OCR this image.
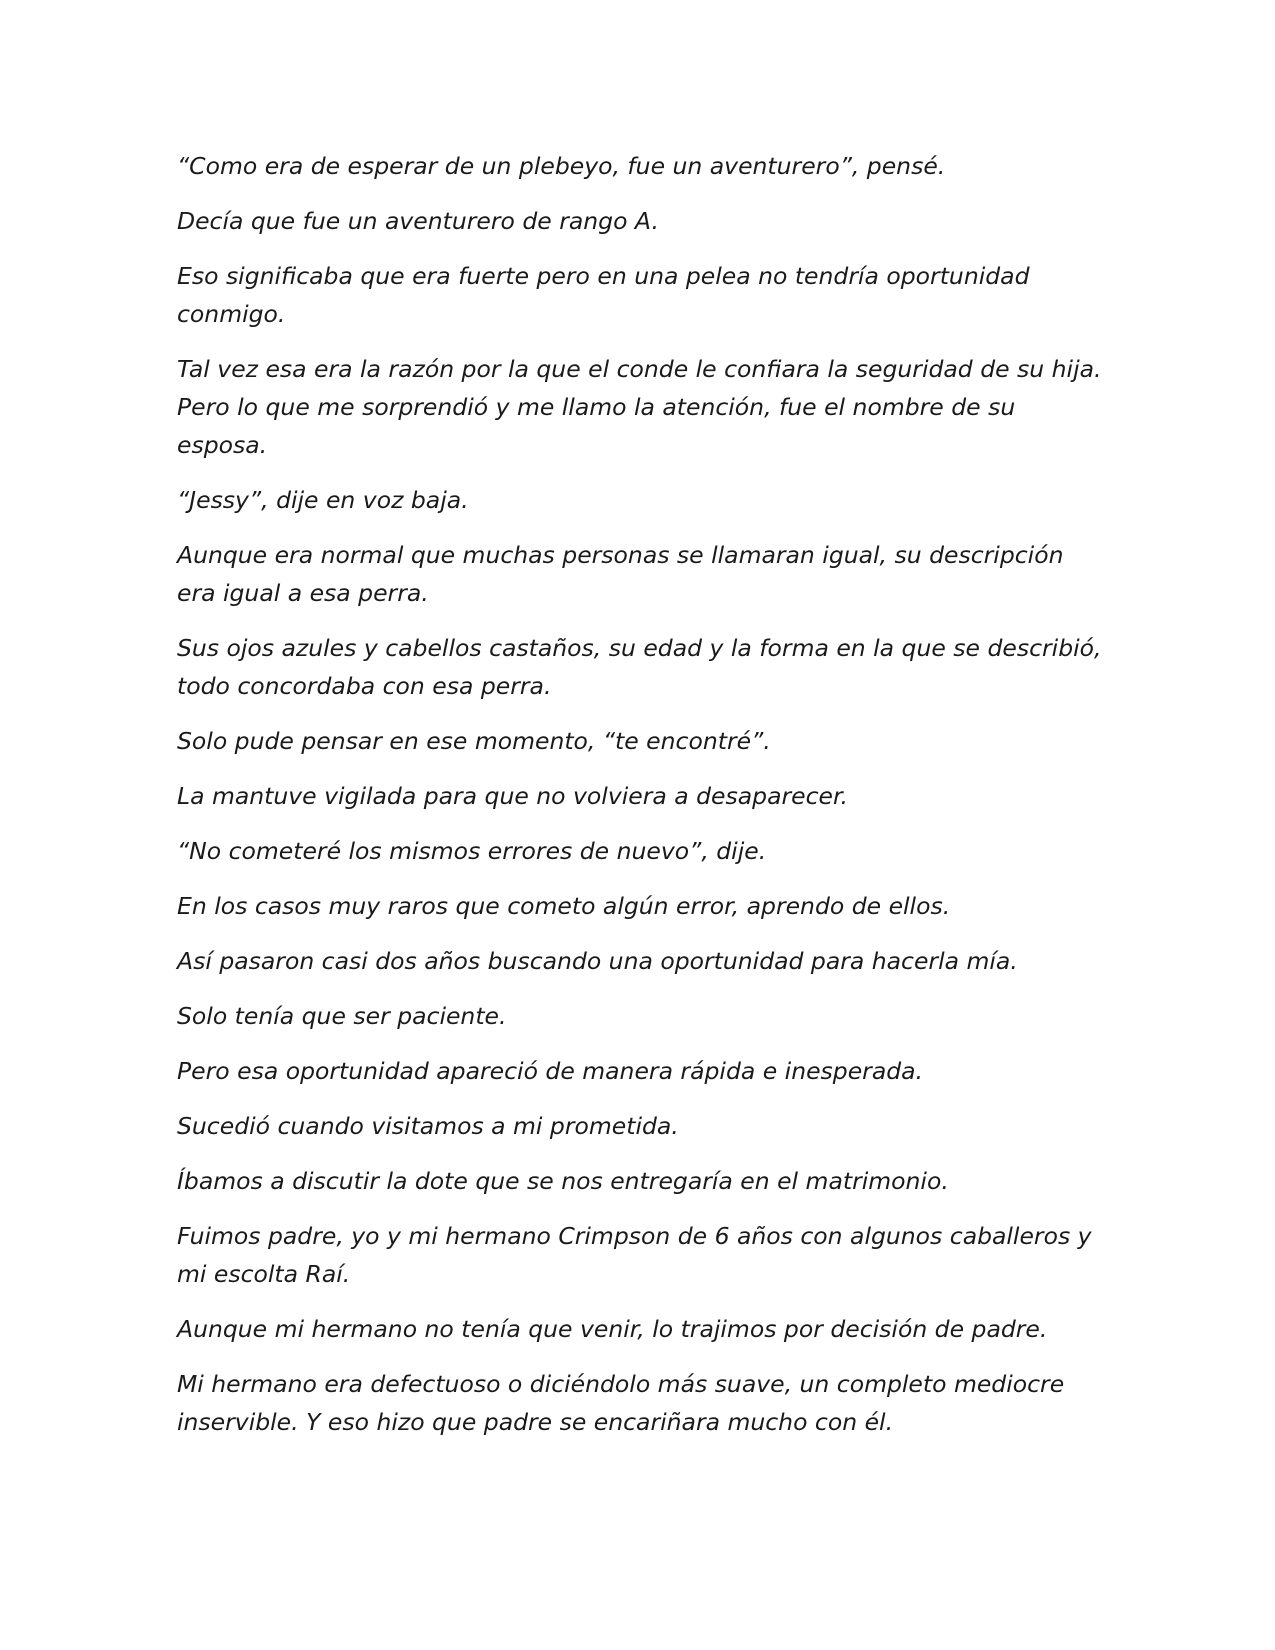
“Como era de esperar de un plebeyo, fue un aventurero”, pensé.

Decía que fue un aventurero de rango A.

Eso significaba que era fuerte pero en una pelea no tendría oportunidad
conmigo.

Tal vez esa era la razón por la que el conde le confiara la seguridad de su hija.
Pero lo que me sorprendió y me llamo la atención, fue el nombre de su
esposa.

“Jessy”, dije en voz baja.

Aunque era normal que muchas personas se llamaran igual, su descripción
era igual a esa perra.

Sus ojos azules y cabellos castaños, su edad y la forma en la que se describió,
todo concordaba con esa perra.

Solo pude pensar en ese momento, “te encontré”.

La mantuve vigilada para que no volviera a desaparecer.

“No cometeré los mismos errores de nuevo”, dije.

En los casos muy raros que cometo algún error, aprendo de ellos.

Así pasaron casi dos años buscando una oportunidad para hacerla mía.

Solo tenía que ser paciente.

Pero esa oportunidad apareció de manera rápida e inesperada.

Sucedió cuando visitamos a mi prometida.

Íbamos a discutir la dote que se nos entregaría en el matrimonio.

Fuimos padre, yo y mi hermano Crimpson de 6 años con algunos caballeros y
mi escolta Raí.

Aunque mi hermano no tenía que venir, lo trajimos por decisión de padre.

Mi hermano era defectuoso o diciéndolo más suave, un completo mediocre
inservible. Y eso hizo que padre se encariñara mucho con él.
